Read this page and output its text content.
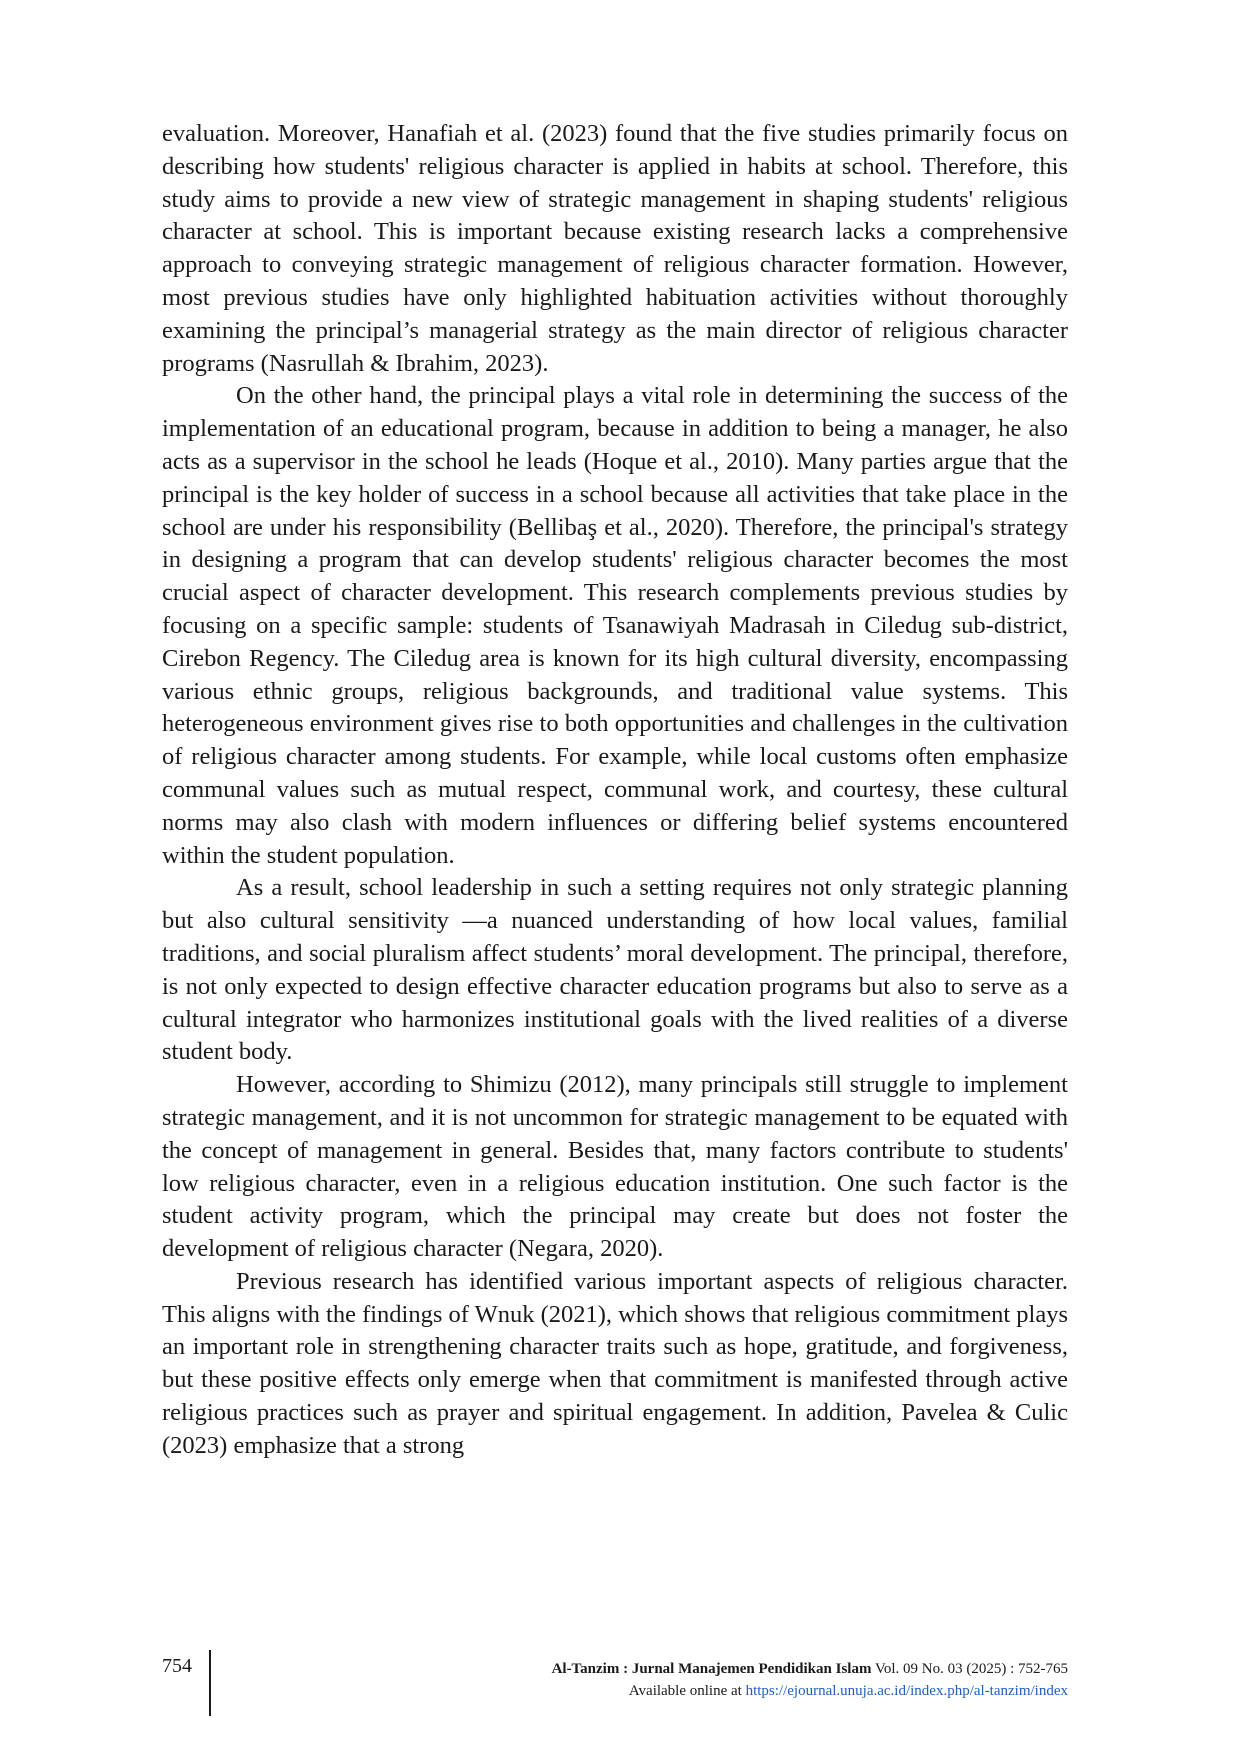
evaluation. Moreover, Hanafiah et al. (2023) found that the five studies primarily focus on describing how students' religious character is applied in habits at school. Therefore, this study aims to provide a new view of strategic management in shaping students' religious character at school. This is important because existing research lacks a comprehensive approach to conveying strategic management of religious character formation. However, most previous studies have only highlighted habituation activities without thoroughly examining the principal’s managerial strategy as the main director of religious character programs (Nasrullah & Ibrahim, 2023).

On the other hand, the principal plays a vital role in determining the success of the implementation of an educational program, because in addition to being a manager, he also acts as a supervisor in the school he leads (Hoque et al., 2010). Many parties argue that the principal is the key holder of success in a school because all activities that take place in the school are under his responsibility (Bellibaş et al., 2020). Therefore, the principal's strategy in designing a program that can develop students' religious character becomes the most crucial aspect of character development. This research complements previous studies by focusing on a specific sample: students of Tsanawiyah Madrasah in Ciledug sub-district, Cirebon Regency. The Ciledug area is known for its high cultural diversity, encompassing various ethnic groups, religious backgrounds, and traditional value systems. This heterogeneous environment gives rise to both opportunities and challenges in the cultivation of religious character among students. For example, while local customs often emphasize communal values such as mutual respect, communal work, and courtesy, these cultural norms may also clash with modern influences or differing belief systems encountered within the student population.

As a result, school leadership in such a setting requires not only strategic planning but also cultural sensitivity —a nuanced understanding of how local values, familial traditions, and social pluralism affect students’ moral development. The principal, therefore, is not only expected to design effective character education programs but also to serve as a cultural integrator who harmonizes institutional goals with the lived realities of a diverse student body.

However, according to Shimizu (2012), many principals still struggle to implement strategic management, and it is not uncommon for strategic management to be equated with the concept of management in general. Besides that, many factors contribute to students' low religious character, even in a religious education institution. One such factor is the student activity program, which the principal may create but does not foster the development of religious character (Negara, 2020).

Previous research has identified various important aspects of religious character. This aligns with the findings of Wnuk (2021), which shows that religious commitment plays an important role in strengthening character traits such as hope, gratitude, and forgiveness, but these positive effects only emerge when that commitment is manifested through active religious practices such as prayer and spiritual engagement. In addition, Pavelea & Culic (2023) emphasize that a strong

754	Al-Tanzim : Jurnal Manajemen Pendidikan Islam Vol. 09 No. 03 (2025) : 752-765
Available online at https://ejournal.unuja.ac.id/index.php/al-tanzim/index
